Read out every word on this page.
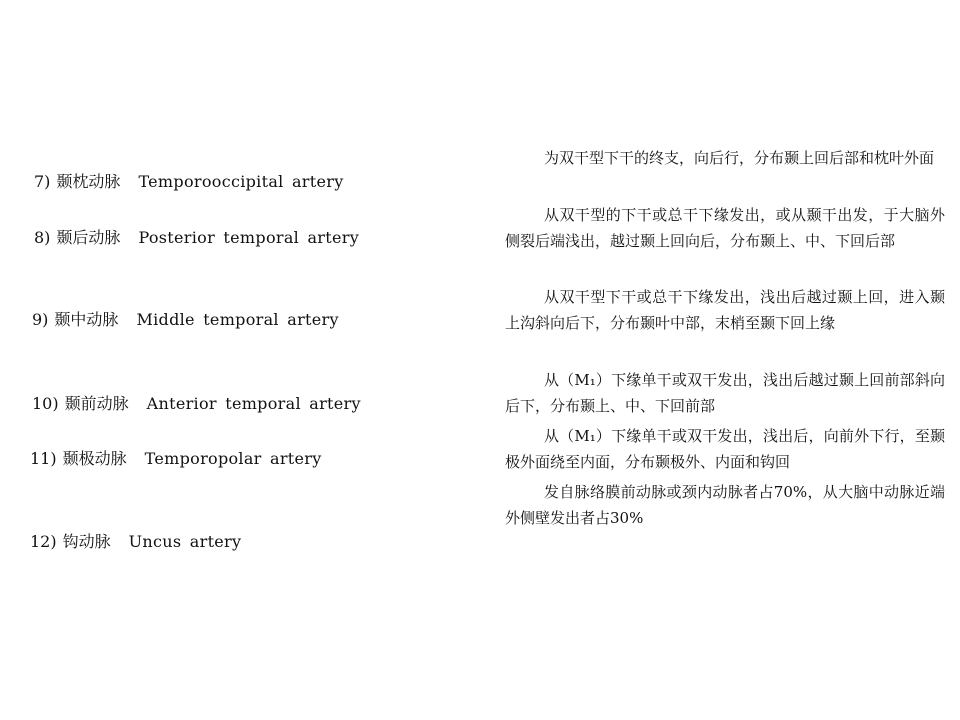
7) 颞枕动脉 Temporooccipital artery
8) 颞后动脉 Posterior temporal artery
9) 颞中动脉 Middle temporal artery
10) 颞前动脉 Anterior temporal artery
11) 颞极动脉 Temporopolar artery
12) 钩动脉 Uncus artery
为双干型下干的终支，向后行，分布颞上回后部和枕叶外面
从双干型的下干或总干下缘发出，或从颞干出发，于大脑外侧裂后端浅出，越过颞上回向后，分布颞上、中、下回后部
从双干型下干或总干下缘发出，浅出后越过颞上回，进入颞上沟斜向后下，分布颞叶中部，末梢至颞下回上缘
从（M₁）下缘单干或双干发出，浅出后越过颞上回前部斜向后下，分布颞上、中、下回前部
从（M₁）下缘单干或双干发出，浅出后，向前外下行，至颞极外面绕至内面，分布颞极外、内面和钩回
发自脉络膜前动脉或颈内动脉者占70%，从大脑中动脉近端外侧壁发出者占30%
